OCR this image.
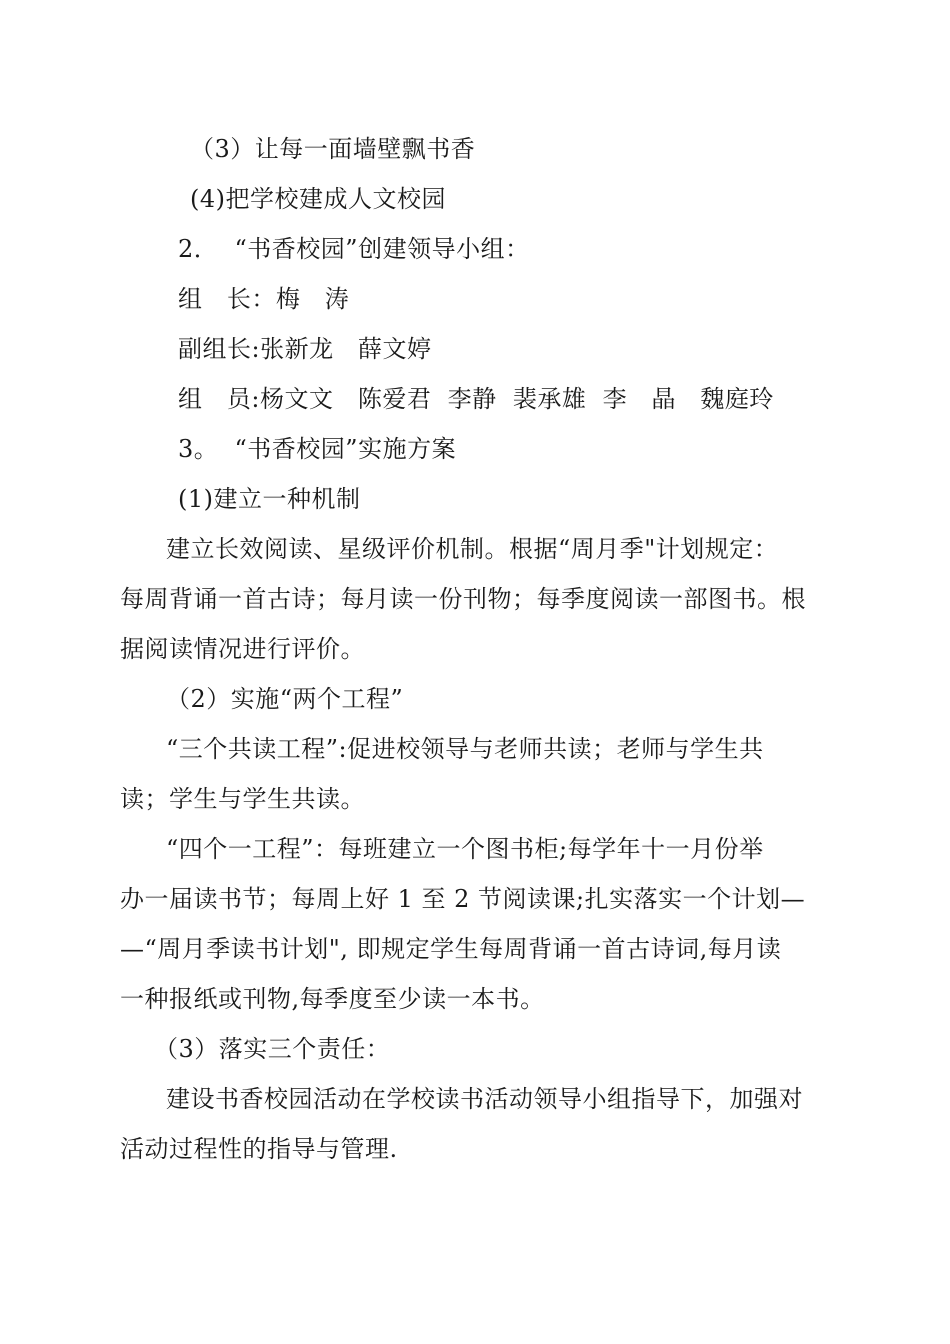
（3）让每一面墙壁飘书香
(4)把学校建成人文校园
2．  “书香校园”创建领导小组：
组   长：梅   涛
副组长:张新龙   薛文婷
组   员:杨文文   陈爱君  李静  裴承雄  李   晶   魏庭玲
3。  “书香校园”实施方案
(1)建立一种机制
建立长效阅读、星级评价机制。根据“周月季"计划规定：
每周背诵一首古诗；每月读一份刊物；每季度阅读一部图书。根
据阅读情况进行评价。
（2）实施“两个工程”
“三个共读工程”:促进校领导与老师共读；老师与学生共
读；学生与学生共读。
“四个一工程”：每班建立一个图书柜;每学年十一月份举
办一届读书节；每周上好 1 至 2 节阅读课;扎实落实一个计划—
—“周月季读书计划", 即规定学生每周背诵一首古诗词,每月读
一种报纸或刊物,每季度至少读一本书。
（3）落实三个责任：
建设书香校园活动在学校读书活动领导小组指导下，加强对
活动过程性的指导与管理.
